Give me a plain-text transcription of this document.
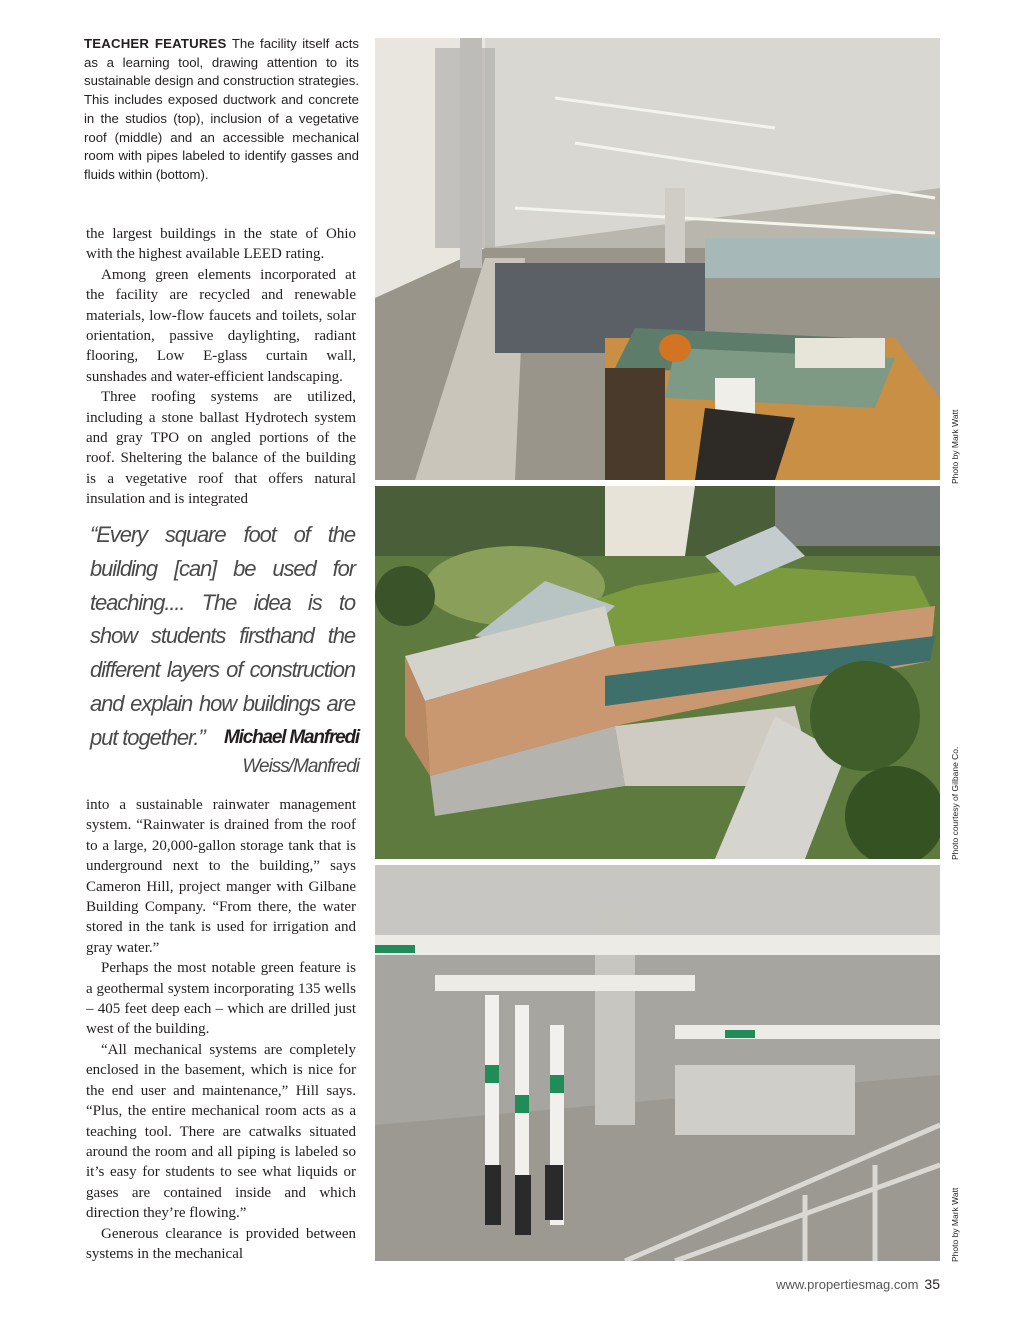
TEACHER FEATURES The facility itself acts as a learning tool, drawing attention to its sustainable design and construction strategies. This includes exposed ductwork and concrete in the studios (top), inclusion of a vegetative roof (middle) and an accessible mechanical room with pipes labeled to identify gasses and fluids within (bottom).

the largest buildings in the state of Ohio with the highest available LEED rating.

Among green elements incorporated at the facility are recycled and renewable materials, low-flow faucets and toilets, solar orientation, passive daylighting, radiant flooring, Low E-glass curtain wall, sunshades and water-efficient landscaping.

Three roofing systems are utilized, including a stone ballast Hydrotech system and gray TPO on angled portions of the roof. Sheltering the balance of the building is a vegetative roof that offers natural insulation and is integrated

“Every square foot of the building [can] be used for teaching.... The idea is to show students firsthand the different layers of construction and explain how buildings are put together.”	Michael Manfredi
Weiss/Manfredi

into a sustainable rainwater management system. “Rainwater is drained from the roof to a large, 20,000-gallon storage tank that is underground next to the building,” says Cameron Hill, project manger with Gilbane Building Company. “From there, the water stored in the tank is used for irrigation and gray water.”

Perhaps the most notable green feature is a geothermal system incorporating 135 wells – 405 feet deep each – which are drilled just west of the building.

“All mechanical systems are completely enclosed in the basement, which is nice for the end user and maintenance,” Hill says. “Plus, the entire mechanical room acts as a teaching tool. There are catwalks situated around the room and all piping is labeled so it’s easy for students to see what liquids or gases are contained inside and which direction they’re flowing.”

Generous clearance is provided between systems in the mechanical

Photo by Mark Watt
Photo courtesy of Gilbane Co.
Photo by Mark Watt
www.propertiesmag.com 35
